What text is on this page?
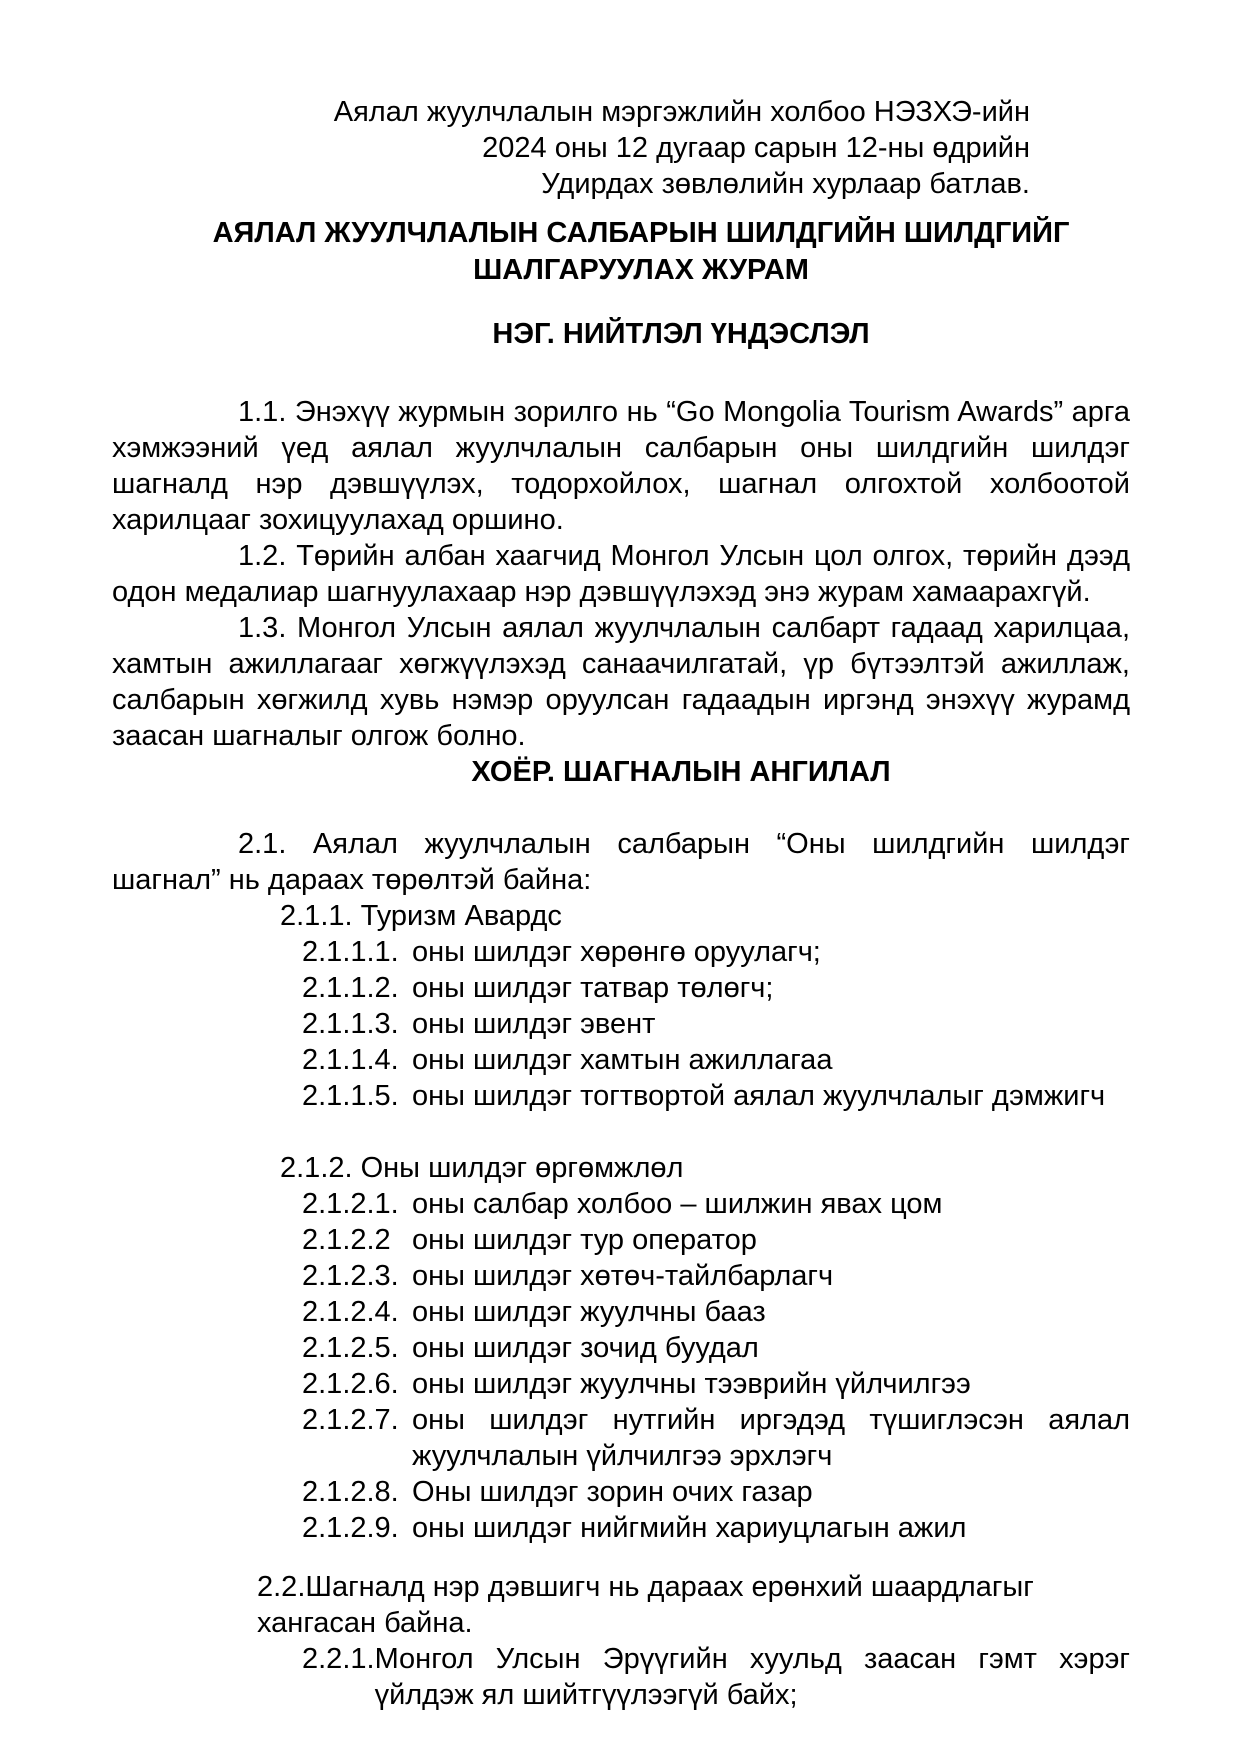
Аялал жуулчлалын мэргэжлийн холбоо НЭЗХЭ-ийн
2024 оны 12 дугаар сарын 12-ны өдрийн
Удирдах зөвлөлийн хурлаар батлав.
АЯЛАЛ ЖУУЛЧЛАЛЫН САЛБАРЫН ШИЛДГИЙН ШИЛДГИЙГ
ШАЛГАРУУЛАХ ЖУРАМ
НЭГ. НИЙТЛЭЛ ҮНДЭСЛЭЛ

1.1. Энэхүү журмын зорилго нь “Go Mongolia Tourism Awards” арга хэмжээний үед аялал жуулчлалын салбарын оны шилдгийн шилдэг шагналд нэр дэвшүүлэх, тодорхойлох, шагнал олгохтой холбоотой харилцааг зохицуулахад оршино.

1.2. Төрийн албан хаагчид Монгол Улсын цол олгох, төрийн дээд одон медалиар шагнуулахаар нэр дэвшүүлэхэд энэ журам хамаарахгүй.

1.3. Монгол Улсын аялал жуулчлалын салбарт гадаад харилцаа, хамтын ажиллагааг хөгжүүлэхэд санаачилгатай, үр бүтээлтэй ажиллаж, салбарын хөгжилд хувь нэмэр оруулсан гадаадын иргэнд энэхүү журамд заасан шагналыг олгож болно.

ХОЁР. ШАГНАЛЫН АНГИЛАЛ

2.1. Аялал жуулчлалын салбарын “Оны шилдгийн шилдэг шагнал” нь дараах төрөлтэй байна:

2.1.1. Туризм Авардс
2.1.1.1. оны шилдэг хөрөнгө оруулагч;
2.1.1.2. оны шилдэг татвар төлөгч;
2.1.1.3. оны шилдэг эвент
2.1.1.4. оны шилдэг хамтын ажиллагаа
2.1.1.5. оны шилдэг тогтвортой аялал жуулчлалыг дэмжигч
2.1.2. Оны шилдэг өргөмжлөл
2.1.2.1. оны салбар холбоо – шилжин явах цом
2.1.2.2 оны шилдэг тур оператор
2.1.2.3. оны шилдэг хөтөч-тайлбарлагч
2.1.2.4. оны шилдэг жуулчны бааз
2.1.2.5. оны шилдэг зочид буудал
2.1.2.6. оны шилдэг жуулчны тээврийн үйлчилгээ
2.1.2.7. оны шилдэг нутгийн иргэдэд түшиглэсэн аялал жуулчлалын үйлчилгээ эрхлэгч
2.1.2.8. Оны шилдэг зорин очих газар
2.1.2.9. оны шилдэг нийгмийн хариуцлагын ажил

2.2.Шагналд нэр дэвшигч нь дараах ерөнхий шаардлагыг хангасан байна.

2.2.1. Монгол Улсын Эрүүгийн хуульд заасан гэмт хэрэг үйлдэж ял шийтгүүлээгүй байх;
